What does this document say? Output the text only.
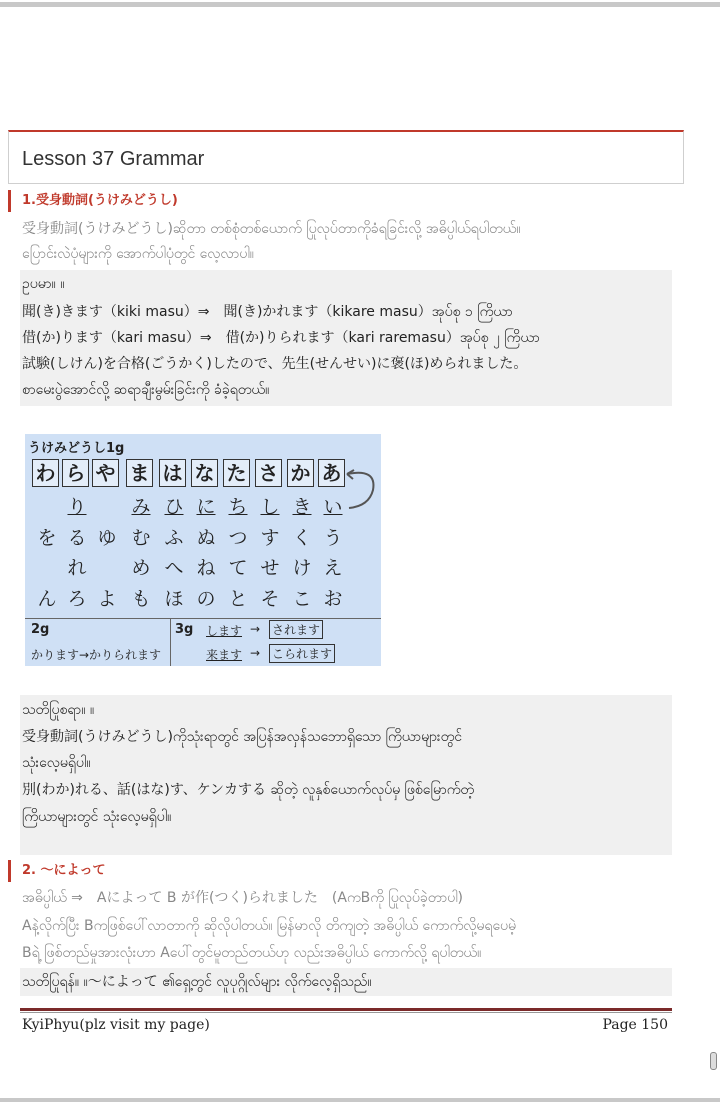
Lesson 37 Grammar
1.受身動詞(うけみどうし)
受身動詞(うけみどうし)ဆိုတာ တစ်စုံတစ်ယောက် ပြုလုပ်တာကိုခံရခြင်းလို့ အဓိပ္ပါယ်ရပါတယ်။
ပြောင်းလဲပုံများကို အောက်ပါပုံတွင် လေ့လာပါ။
ဥပမာ။ ။
聞(き)きます（kiki masu）⇒　聞(き)かれます（kikare masu）အုပ်စု ၁ ကြိယာ
借(か)ります（kari masu）⇒　借(か)りられます（kari raremasu）အုပ်စု ၂ ကြိယာ
試験(しけん)を合格(ごうかく)したので、先生(せんせい)に褒(ほ)められました。
စာမေးပွဲအောင်လို့ ဆရာချီးမွမ်းခြင်းကို ခံခဲ့ရတယ်။
うけみどうし1g
わ ら や ま は な た さ か あ
り み ひ に ち し き い
を る ゆ む ふ ぬ つ す く う
れ め へ ね て せ け え
ん ろ よ も ほ の と そ こ お
2g
かります→かりられます
3g します → されます
来ます → こられます
သတိပြုစရာ။ ။
受身動詞(うけみどうし)ကိုသုံးရာတွင် အပြန်အလှန်သဘောရှိသော ကြိယာများတွင်
သုံးလေ့မရှိပါ။
別(わか)れる、話(はな)す、ケンカする ဆိုတဲ့ လူနှစ်ယောက်လုပ်မှ ဖြစ်မြောက်တဲ့
ကြိယာများတွင် သုံးလေ့မရှိပါ။
2. ～によって
အဓိပ္ပါယ် ⇒　Aによって B が作(つく)られました　(AကBကို ပြုလုပ်ခဲ့တာပါ)
Aနဲ့လိုက်ပြီး Bကဖြစ်ပေါ်လာတာကို ဆိုလိုပါတယ်။ မြန်မာလို တိကျတဲ့ အဓိပ္ပါယ် ကောက်လို့မရပေမဲ့
Bရဲ့ ဖြစ်တည်မှုအားလုံးဟာ Aပေါ်တွင်မူတည်တယ်ဟု လည်းအဓိပ္ပါယ် ကောက်လို့ ရပါတယ်။
သတိပြုရန်။ ။～によって ၏ရှေ့တွင် လူပုဂ္ဂိုလ်များ လိုက်လေ့ရှိသည်။
KyiPhyu(plz visit my page)	Page 150
